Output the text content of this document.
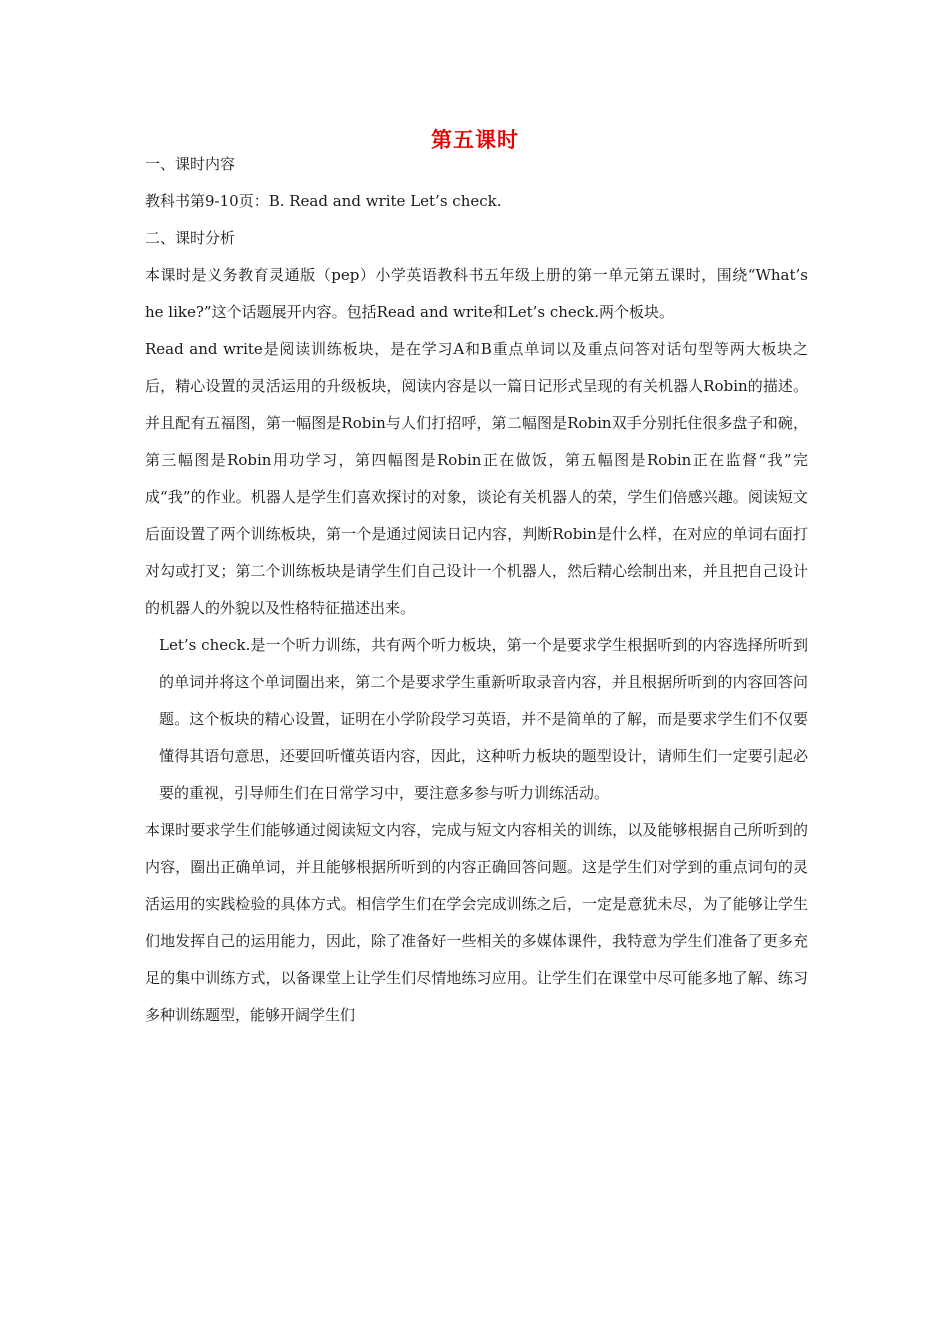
第五课时

一、课时内容

教科书第9-10页：B. Read and write Let’s check.

二、课时分析

本课时是义务教育灵通版（pep）小学英语教科书五年级上册的第一单元第五课时，围绕“What’s he like?”这个话题展开内容。包括Read and write和Let’s check.两个板块。

Read and write是阅读训练板块，是在学习A和B重点单词以及重点问答对话句型等两大板块之后，精心设置的灵活运用的升级板块，阅读内容是以一篇日记形式呈现的有关机器人Robin的描述。并且配有五福图，第一幅图是Robin与人们打招呼，第二幅图是Robin双手分别托住很多盘子和碗，第三幅图是Robin用功学习，第四幅图是Robin正在做饭，第五幅图是Robin正在监督“我”完成“我”的作业。机器人是学生们喜欢探讨的对象，谈论有关机器人的荣，学生们倍感兴趣。阅读短文后面设置了两个训练板块，第一个是通过阅读日记内容，判断Robin是什么样，在对应的单词右面打对勾或打叉；第二个训练板块是请学生们自己设计一个机器人，然后精心绘制出来，并且把自己设计的机器人的外貌以及性格特征描述出来。

Let’s check.是一个听力训练，共有两个听力板块，第一个是要求学生根据听到的内容选择所听到的单词并将这个单词圈出来，第二个是要求学生重新听取录音内容，并且根据所听到的内容回答问题。这个板块的精心设置，证明在小学阶段学习英语，并不是简单的了解，而是要求学生们不仅要懂得其语句意思，还要回听懂英语内容，因此，这种听力板块的题型设计，请师生们一定要引起必要的重视，引导师生们在日常学习中，要注意多参与听力训练活动。

本课时要求学生们能够通过阅读短文内容，完成与短文内容相关的训练，以及能够根据自己所听到的内容，圈出正确单词，并且能够根据所听到的内容正确回答问题。这是学生们对学到的重点词句的灵活运用的实践检验的具体方式。相信学生们在学会完成训练之后，一定是意犹未尽，为了能够让学生们地发挥自己的运用能力，因此，除了准备好一些相关的多媒体课件，我特意为学生们准备了更多充足的集中训练方式，以备课堂上让学生们尽情地练习应用。让学生们在课堂中尽可能多地了解、练习多种训练题型，能够开阔学生们
